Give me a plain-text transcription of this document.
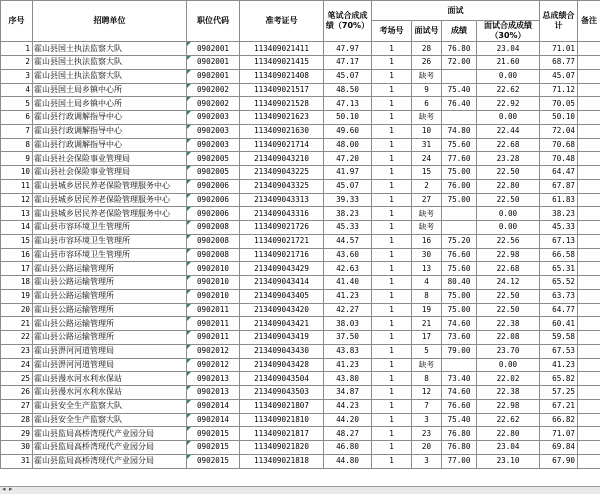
序号	招聘单位	职位代码	准考证号	笔试合成成绩（70%）	面试				总成绩合计	备注
					考场号	面试号	成绩	面试合成成绩（30%）		
1	霍山县国土执法监察大队	0902001	113409021411	47.97	1	28	76.80	23.04	71.01	
2	霍山县国土执法监察大队	0902001	113409021415	47.17	1	26	72.00	21.60	68.77	
3	霍山县国土执法监察大队	0902001	113409021408	45.07	1	缺考		0.00	45.07	
4	霍山县国土局乡镇中心所	0902002	113409021517	48.50	1	9	75.40	22.62	71.12	
5	霍山县国土局乡镇中心所	0902002	113409021528	47.13	1	6	76.40	22.92	70.05	
6	霍山县行政调解指导中心	0902003	113409021623	50.10	1	缺考		0.00	50.10	
7	霍山县行政调解指导中心	0902003	113409021630	49.60	1	10	74.80	22.44	72.04	
8	霍山县行政调解指导中心	0902003	113409021714	48.00	1	31	75.60	22.68	70.68	
9	霍山县社会保险事业管理局	0902005	213409043210	47.20	1	24	77.60	23.28	70.48	
10	霍山县社会保险事业管理局	0902005	213409043225	41.97	1	15	75.00	22.50	64.47	
11	霍山县城乡居民养老保险管理服务中心	0902006	213409043325	45.07	1	2	76.00	22.80	67.87	
12	霍山县城乡居民养老保险管理服务中心	0902006	213409043313	39.33	1	27	75.00	22.50	61.83	
13	霍山县城乡居民养老保险管理服务中心	0902006	213409043316	38.23	1	缺考		0.00	38.23	
14	霍山县市容环境卫生管理所	0902008	113409021726	45.33	1	缺考		0.00	45.33	
15	霍山县市容环境卫生管理所	0902008	113409021721	44.57	1	16	75.20	22.56	67.13	
16	霍山县市容环境卫生管理所	0902008	113409021716	43.60	1	30	76.60	22.98	66.58	
17	霍山县公路运输管理所	0902010	213409043429	42.63	1	13	75.60	22.68	65.31	
18	霍山县公路运输管理所	0902010	213409043414	41.40	1	4	80.40	24.12	65.52	
19	霍山县公路运输管理所	0902010	213409043405	41.23	1	8	75.00	22.50	63.73	
20	霍山县公路运输管理所	0902011	213409043420	42.27	1	19	75.00	22.50	64.77	
21	霍山县公路运输管理所	0902011	213409043421	38.03	1	21	74.60	22.38	60.41	
22	霍山县公路运输管理所	0902011	213409043419	37.50	1	17	73.60	22.08	59.58	
23	霍山县淠河河道管理局	0902012	213409043430	43.83	1	5	79.00	23.70	67.53	
24	霍山县淠河河道管理局	0902012	213409043428	41.23	1	缺考		0.00	41.23	
25	霍山县漫水河水利水保站	0902013	213409043504	43.80	1	8	73.40	22.02	65.82	
26	霍山县漫水河水利水保站	0902013	213409043503	34.87	1	12	74.60	22.38	57.25	
27	霍山县安全生产监察大队	0902014	113409021807	44.23	1	7	76.60	22.98	67.21	
28	霍山县安全生产监察大队	0902014	113409021810	44.20	1	3	75.40	22.62	66.82	
29	霍山县监局高桥湾现代产业园分局	0902015	113409021817	48.27	1	23	76.80	22.80	71.07	
30	霍山县监局高桥湾现代产业园分局	0902015	113409021820	46.80	1	20	76.80	23.04	69.84	
31	霍山县监局高桥湾现代产业园分局	0902015	113409021818	44.80	1	3	77.00	23.10	67.90	
◂ ▸
